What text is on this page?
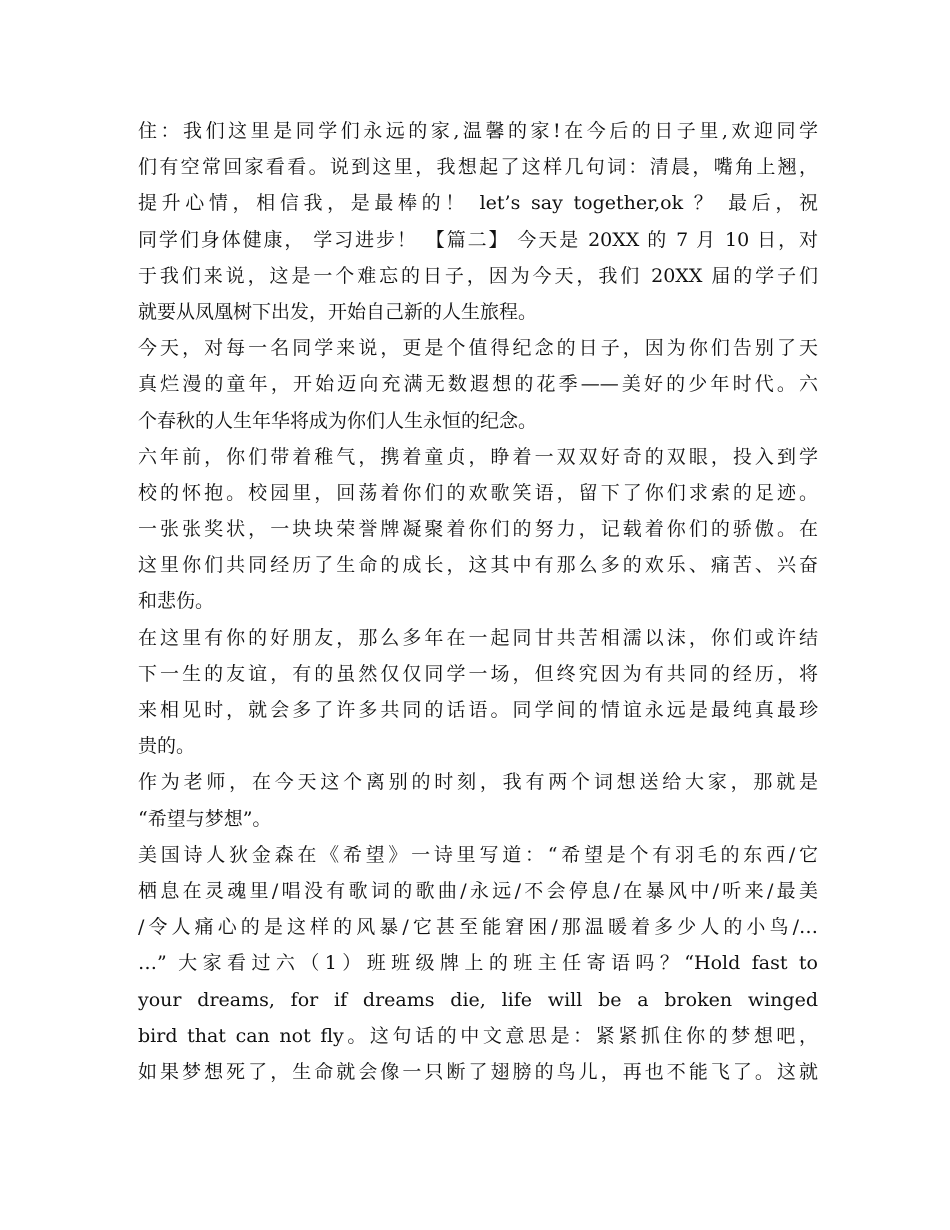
住：我们这里是同学们永远的家,温馨的家!在今后的日子里,欢迎同学
们有空常回家看看。说到这里，我想起了这样几句词：清晨，嘴角上翘，
提升心情，相信我，是最棒的！ let’s say together,ok ？ 最后，祝
同学们身体健康， 学习进步！ 【篇二】 今天是 20XX 的 7 月 10 日，对
于我们来说，这是一个难忘的日子，因为今天，我们 20XX 届的学子们
就要从凤凰树下出发，开始自己新的人生旅程。
今天，对每一名同学来说，更是个值得纪念的日子，因为你们告别了天
真烂漫的童年，开始迈向充满无数遐想的花季——美好的少年时代。六
个春秋的人生年华将成为你们人生永恒的纪念。
六年前，你们带着稚气，携着童贞，睁着一双双好奇的双眼，投入到学
校的怀抱。校园里，回荡着你们的欢歌笑语，留下了你们求索的足迹。
一张张奖状，一块块荣誉牌凝聚着你们的努力，记载着你们的骄傲。在
这里你们共同经历了生命的成长，这其中有那么多的欢乐、痛苦、兴奋
和悲伤。
在这里有你的好朋友，那么多年在一起同甘共苦相濡以沫，你们或许结
下一生的友谊，有的虽然仅仅同学一场，但终究因为有共同的经历，将
来相见时，就会多了许多共同的话语。同学间的情谊永远是最纯真最珍
贵的。
作为老师，在今天这个离别的时刻，我有两个词想送给大家，那就是
“希望与梦想”。
美国诗人狄金森在《希望》一诗里写道：“希望是个有羽毛的东西/它
栖息在灵魂里/唱没有歌词的歌曲/永远/不会停息/在暴风中/听来/最美
/令人痛心的是这样的风暴/它甚至能窘困/那温暖着多少人的小鸟/…
…” 大家看过六（1）班班级牌上的班主任寄语吗？“Hold fast to
your dreams, for if dreams die, life will be a broken winged
bird that can not fly。这句话的中文意思是：紧紧抓住你的梦想吧，
如果梦想死了，生命就会像一只断了翅膀的鸟儿，再也不能飞了。这就
